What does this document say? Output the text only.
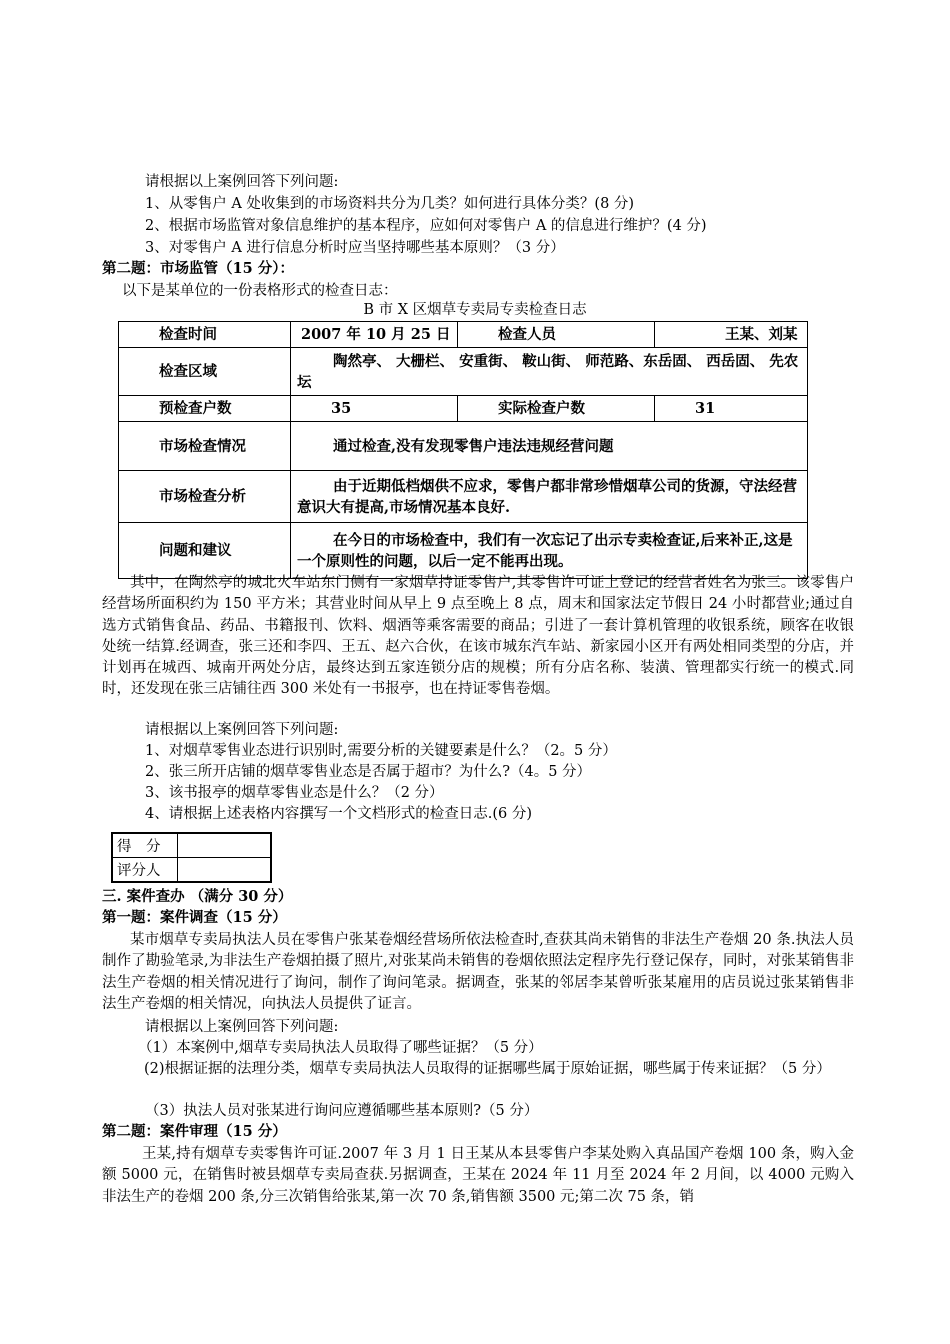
请根据以上案例回答下列问题:
1、从零售户 A 处收集到的市场资料共分为几类？如何进行具体分类？(8 分)
2、根据市场监管对象信息维护的基本程序，应如何对零售户 A 的信息进行维护？(4 分)
3、对零售户 A 进行信息分析时应当坚持哪些基本原则？（3 分）
第二题：市场监管（15 分）：
以下是某单位的一份表格形式的检查日志：
B 市 X 区烟草专卖局专卖检查日志
检查时间	2007 年 10 月 25 日	检查人员	王某、刘某
检查区域	陶然亭、 大栅栏、 安重街、 鞍山街、 师范路、东岳固、 西岳固、 先农坛		
预检查户数	35	实际检查户数	31
市场检查情况	通过检查,没有发现零售户违法违规经营问题		
市场检查分析	由于近期低档烟供不应求，零售户都非常珍惜烟草公司的货源，守法经营意识大有提高,市场情况基本良好.		
问题和建议	在今日的市场检查中，我们有一次忘记了出示专卖检查证,后来补正,这是一个原则性的问题，以后一定不能再出现。		
其中，在陶然亭的城北火车站东门侧有一家烟草持证零售户,其零售许可证上登记的经营者姓名为张三。该零售户经营场所面积约为 150 平方米；其营业时间从早上 9 点至晚上 8 点，周末和国家法定节假日 24 小时都营业;通过自选方式销售食品、药品、书籍报刊、饮料、烟酒等乘客需要的商品；引进了一套计算机管理的收银系统，顾客在收银处统一结算.经调查，张三还和李四、王五、赵六合伙，在该市城东汽车站、新家园小区开有两处相同类型的分店，并计划再在城西、城南开两处分店，最终达到五家连锁分店的规模；所有分店名称、装潢、管理都实行统一的模式.同时，还发现在张三店铺往西 300 米处有一书报亭，也在持证零售卷烟。
请根据以上案例回答下列问题:
1、对烟草零售业态进行识别时,需要分析的关键要素是什么？（2。5 分）
2、张三所开店铺的烟草零售业态是否属于超市？为什么?（4。5 分）
3、该书报亭的烟草零售业态是什么？（2 分）
4、请根据上述表格内容撰写一个文档形式的检查日志.(6 分)
得　分	
评分人	
三. 案件查办 （满分 30 分）
第一题：案件调查（15 分）
某市烟草专卖局执法人员在零售户张某卷烟经营场所依法检查时,查获其尚未销售的非法生产卷烟 20 条.执法人员制作了勘验笔录,为非法生产卷烟拍摄了照片,对张某尚未销售的卷烟依照法定程序先行登记保存，同时，对张某销售非法生产卷烟的相关情况进行了询问，制作了询问笔录。据调查，张某的邻居李某曾听张某雇用的店员说过张某销售非法生产卷烟的相关情况，向执法人员提供了证言。
请根据以上案例回答下列问题:
（1）本案例中,烟草专卖局执法人员取得了哪些证据？（5 分）
(2)根据证据的法理分类，烟草专卖局执法人员取得的证据哪些属于原始证据，哪些属于传来证据？（5 分）
（3）执法人员对张某进行询问应遵循哪些基本原则?（5 分）
第二题：案件审理（15 分）
王某,持有烟草专卖零售许可证.2007 年 3 月 1 日王某从本县零售户李某处购入真品国产卷烟 100 条，购入金额 5000 元，在销售时被县烟草专卖局查获.另据调查，王某在 2024 年 11 月至 2024 年 2 月间，以 4000 元购入非法生产的卷烟 200 条,分三次销售给张某,第一次 70 条,销售额 3500 元;第二次 75 条，销
